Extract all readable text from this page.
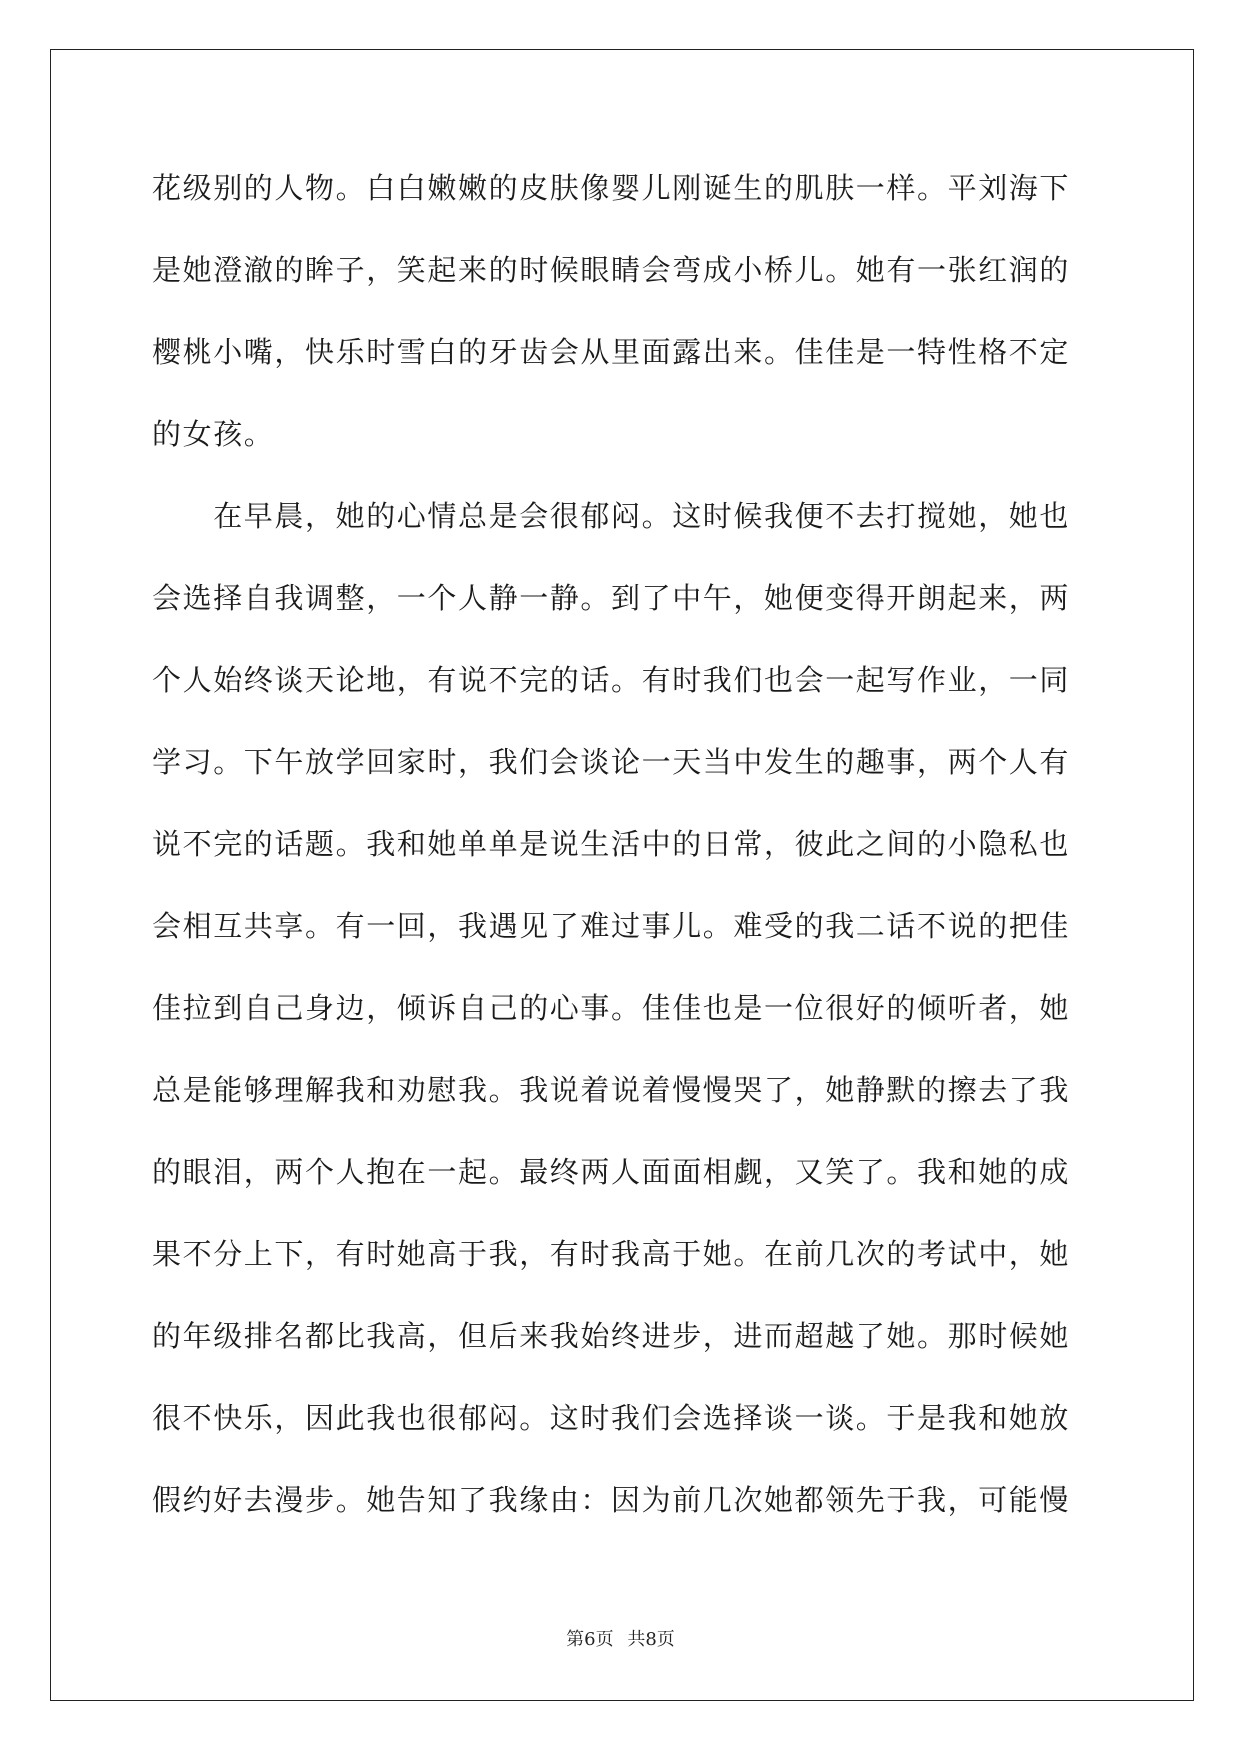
花级别的人物。白白嫩嫩的皮肤像婴儿刚诞生的肌肤一样。平刘海下
是她澄澈的眸子，笑起来的时候眼睛会弯成小桥儿。她有一张红润的
樱桃小嘴，快乐时雪白的牙齿会从里面露出来。佳佳是一特性格不定
的女孩。
　　在早晨，她的心情总是会很郁闷。这时候我便不去打搅她，她也
会选择自我调整，一个人静一静。到了中午，她便变得开朗起来，两
个人始终谈天论地，有说不完的话。有时我们也会一起写作业，一同
学习。下午放学回家时，我们会谈论一天当中发生的趣事，两个人有
说不完的话题。我和她单单是说生活中的日常，彼此之间的小隐私也
会相互共享。有一回，我遇见了难过事儿。难受的我二话不说的把佳
佳拉到自己身边，倾诉自己的心事。佳佳也是一位很好的倾听者，她
总是能够理解我和劝慰我。我说着说着慢慢哭了，她静默的擦去了我
的眼泪，两个人抱在一起。最终两人面面相觑，又笑了。我和她的成
果不分上下，有时她高于我，有时我高于她。在前几次的考试中，她
的年级排名都比我高，但后来我始终进步，进而超越了她。那时候她
很不快乐，因此我也很郁闷。这时我们会选择谈一谈。于是我和她放
假约好去漫步。她告知了我缘由：因为前几次她都领先于我，可能慢
第6页 共8页
